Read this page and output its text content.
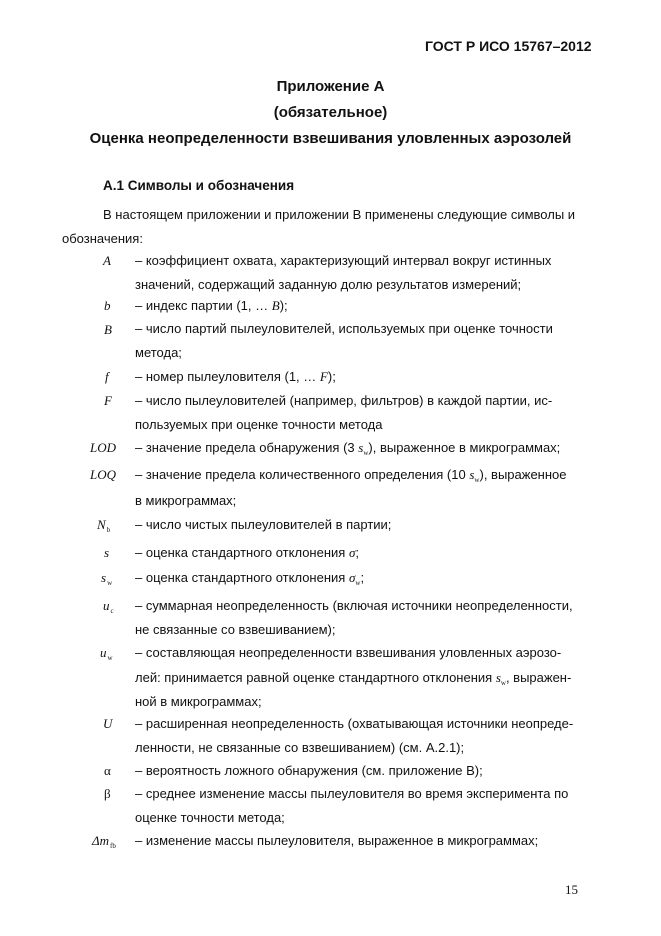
ГОСТ Р ИСО 15767–2012
Приложение А
(обязательное)
Оценка неопределенности взвешивания уловленных аэрозолей
А.1 Символы и обозначения
В настоящем приложении и приложении В применены следующие символы и
обозначения:
A – коэффициент охвата, характеризующий интервал вокруг истинных
значений, содержащий заданную долю результатов измерений;
b – индекс партии (1, … B);
B – число партий пылеуловителей, используемых при оценке точности
метода;
f – номер пылеуловителя (1, … F);
F – число пылеуловителей (например, фильтров) в каждой партии, ис-
пользуемых при оценке точности метода
LOD – значение предела обнаружения (3 $s_w$), выраженное в микрограммах;
LOQ – значение предела количественного определения (10 $s_w$), выраженное
в микрограммах;
$N_b$ – число чистых пылеуловителей в партии;
s – оценка стандартного отклонения σ;
$s_w$ – оценка стандартного отклонения $\sigma_w$;
$u_c$ – суммарная неопределенность (включая источники неопределенности,
не связанные со взвешиванием);
$u_w$ – составляющая неопределенности взвешивания уловленных аэрозо-
лей: принимается равной оценке стандартного отклонения $s_w$, выражен-
ной в микрограммах;
U – расширенная неопределенность (охватывающая источники неопреде-
ленности, не связанные со взвешиванием) (см. А.2.1);
α – вероятность ложного обнаружения (см. приложение В);
β – среднее изменение массы пылеуловителя во время эксперимента по
оценке точности метода;
$\Delta m_{fb}$ – изменение массы пылеуловителя, выраженное в микрограммах;
15
